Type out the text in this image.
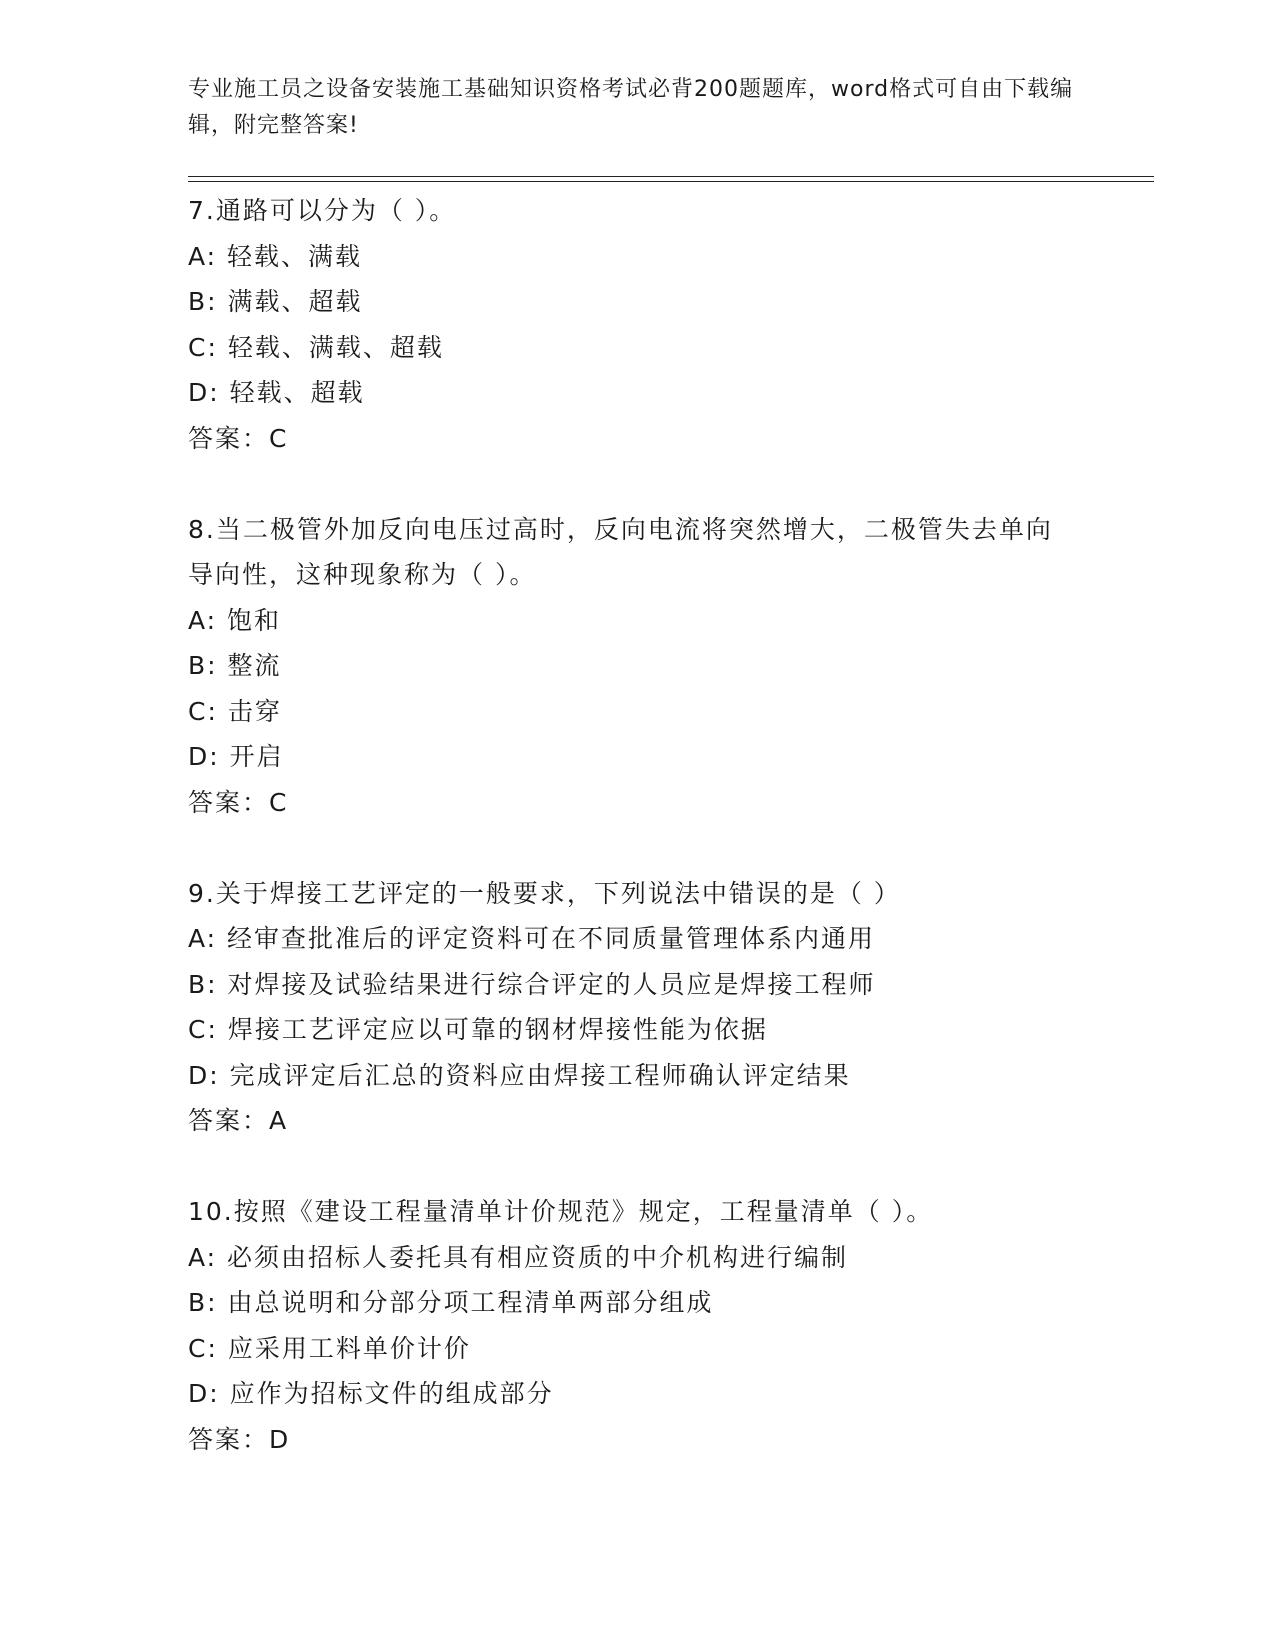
专业施工员之设备安装施工基础知识资格考试必背200题题库，word格式可自由下载编辑，附完整答案!
7.通路可以分为（ ）。
A: 轻载、满载
B: 满载、超载
C: 轻载、满载、超载
D: 轻载、超载
答案：C
8.当二极管外加反向电压过高时，反向电流将突然增大，二极管失去单向导向性，这种现象称为（ ）。
A: 饱和
B: 整流
C: 击穿
D: 开启
答案：C
9.关于焊接工艺评定的一般要求，下列说法中错误的是（ ）
A: 经审查批准后的评定资料可在不同质量管理体系内通用
B: 对焊接及试验结果进行综合评定的人员应是焊接工程师
C: 焊接工艺评定应以可靠的钢材焊接性能为依据
D: 完成评定后汇总的资料应由焊接工程师确认评定结果
答案：A
10.按照《建设工程量清单计价规范》规定，工程量清单（ ）。
A: 必须由招标人委托具有相应资质的中介机构进行编制
B: 由总说明和分部分项工程清单两部分组成
C: 应采用工料单价计价
D: 应作为招标文件的组成部分
答案：D
